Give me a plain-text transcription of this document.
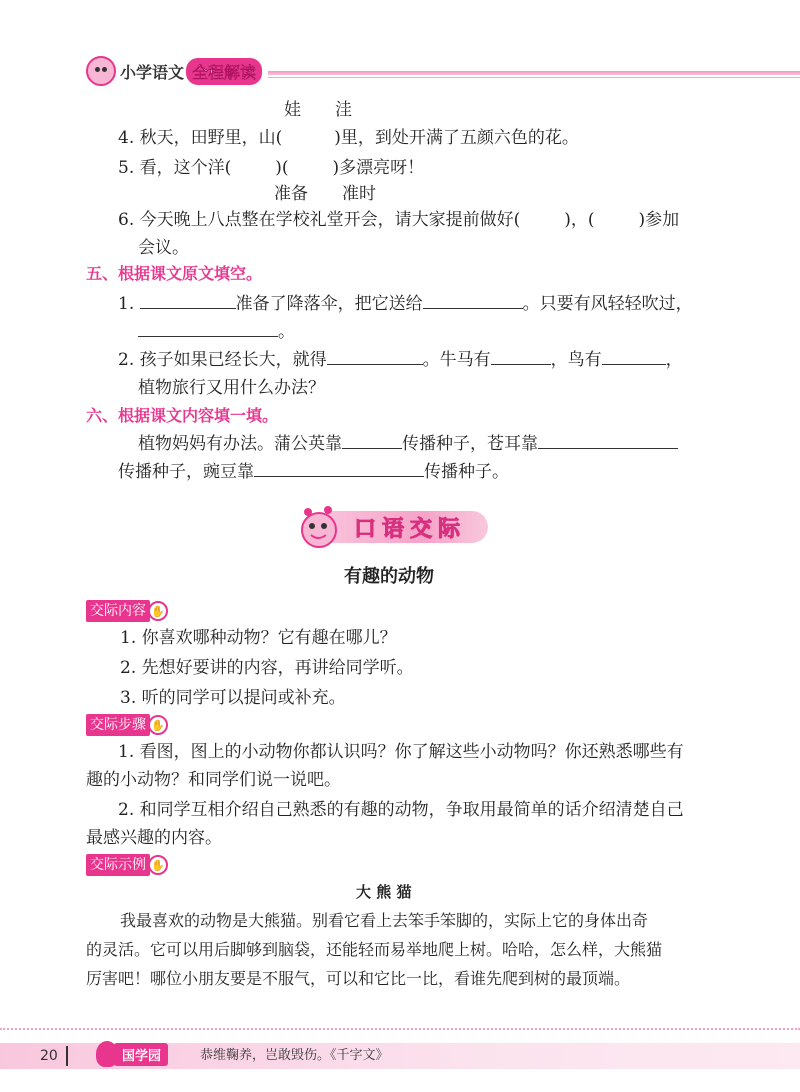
小学语文 全程解读
娃　　洼
4. 秋天，田野里，山(	)里，到处开满了五颜六色的花。
5. 看，这个洋(	)(	)多漂亮呀！
准备　　准时
6. 今天晚上八点整在学校礼堂开会，请大家提前做好(	)，(	)参加
会议。
五、根据课文原文填空。
1.	准备了降落伞，把它送给	。只要有风轻轻吹过，
。
2. 孩子如果已经长大，就得	。牛马有	，鸟有	，
植物旅行又用什么办法？
六、根据课文内容填一填。
植物妈妈有办法。蒲公英靠	传播种子，苍耳靠
传播种子，豌豆靠	传播种子。
口语交际
有趣的动物
交际内容 ✋
1. 你喜欢哪种动物？它有趣在哪儿？
2. 先想好要讲的内容，再讲给同学听。
3. 听的同学可以提问或补充。
交际步骤 ✋
1. 看图，图上的小动物你都认识吗？你了解这些小动物吗？你还熟悉哪些有
趣的小动物？和同学们说一说吧。
2. 和同学互相介绍自己熟悉的有趣的动物，争取用最简单的话介绍清楚自己
最感兴趣的内容。
交际示例 ✋
大 熊 猫
我最喜欢的动物是大熊猫。别看它看上去笨手笨脚的，实际上它的身体出奇
的灵活。它可以用后脚够到脑袋，还能轻而易举地爬上树。哈哈，怎么样，大熊猫
厉害吧！哪位小朋友要是不服气，可以和它比一比，看谁先爬到树的最顶端。
20	国学园	恭维鞠养，岂敢毁伤。《千字文》
